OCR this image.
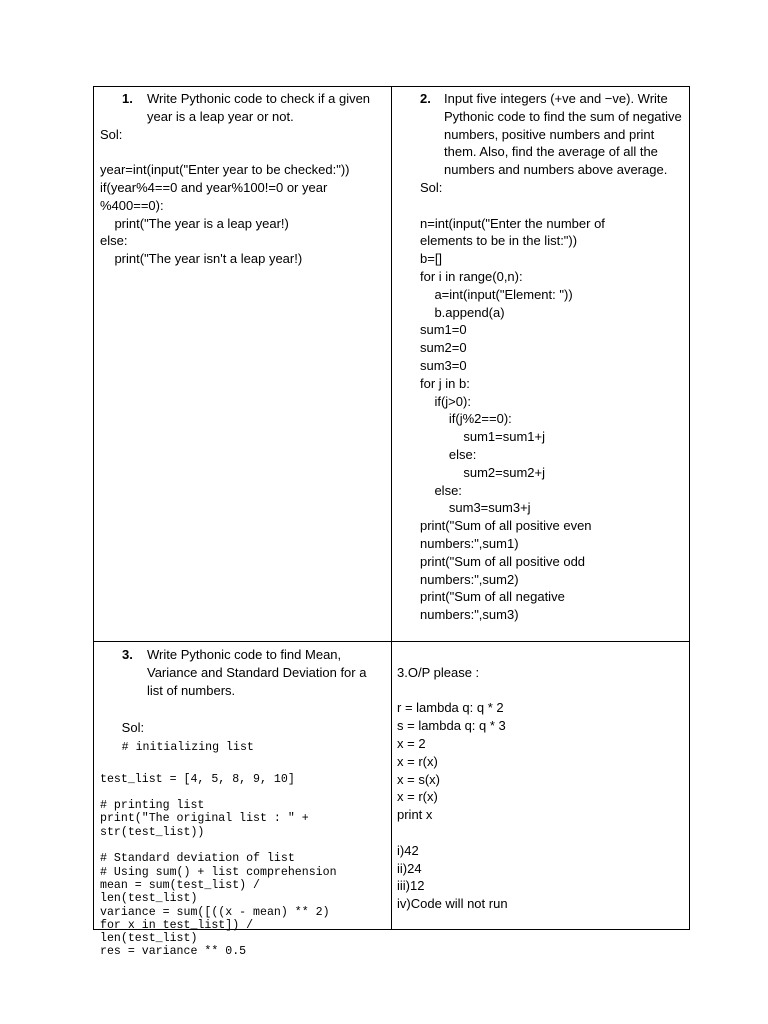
1. Write Pythonic code to check if a given year is a leap year or not.
Sol:
year=int(input("Enter year to be checked:"))
if(year%4==0 and year%100!=0 or year
%400==0):
print("The year is a leap year!)
else:
print("The year isn't a leap year!)
2. Input five integers (+ve and −ve). Write Pythonic code to find the sum of negative numbers, positive numbers and print them. Also, find the average of all the numbers and numbers above average.
Sol:
n=int(input("Enter the number of
elements to be in the list:"))
b=[]
for i in range(0,n):
a=int(input("Element: "))
b.append(a)
sum1=0
sum2=0
sum3=0
for j in b:
if(j>0):
if(j%2==0):
sum1=sum1+j
else:
sum2=sum2+j
else:
sum3=sum3+j
print("Sum of all positive even
numbers:",sum1)
print("Sum of all positive odd
numbers:",sum2)
print("Sum of all negative
numbers:",sum3)
3. Write Pythonic code to find Mean, Variance and Standard Deviation for a list of numbers.

Sol:
# initializing list

test_list = [4, 5, 8, 9, 10]
# printing list
print("The original list : " +
str(test_list))
# Standard deviation of list
# Using sum() + list comprehension
mean = sum(test_list) /
len(test_list)
variance = sum([((x - mean) ** 2)
for x in test_list]) /
len(test_list)
res = variance ** 0.5
3.O/P please :
r = lambda q: q * 2
s = lambda q: q * 3
x = 2
x = r(x)
x = s(x)
x = r(x)
print x
i)42
ii)24
iii)12
iv)Code will not run
